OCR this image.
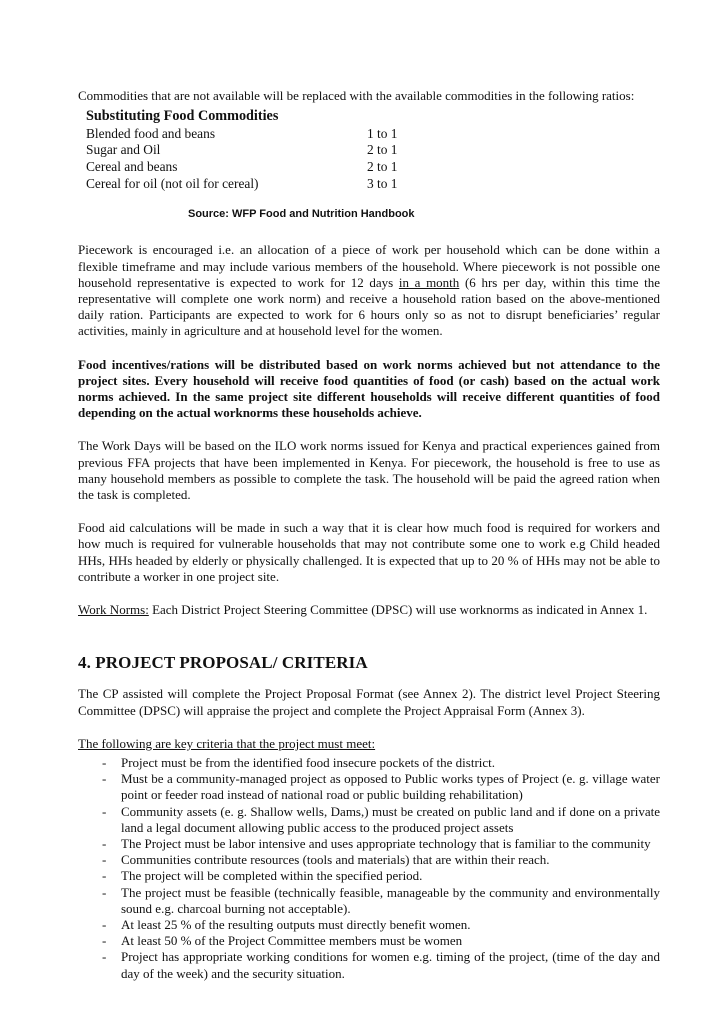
Commodities that are not available will be replaced with the available commodities in the following ratios:

Substituting Food Commodities	
Blended food and beans	1 to 1
Sugar and Oil	2 to 1
Cereal and beans	2 to 1
Cereal for oil (not oil for cereal)	3 to 1
Source: WFP Food and Nutrition Handbook

Piecework is encouraged i.e. an allocation of a piece of work per household which can be done within a flexible timeframe and may include various members of the household. Where piecework is not possible one household representative is expected to work for 12 days in a month (6 hrs per day, within this time the representative will complete one work norm) and receive a household ration based on the above-mentioned daily ration. Participants are expected to work for 6 hours only so as not to disrupt beneficiaries’ regular activities, mainly in agriculture and at household level for the women.

Food incentives/rations will be distributed based on work norms achieved but not attendance to the project sites. Every household will receive food quantities of food (or cash) based on the actual work norms achieved. In the same project site different households will receive different quantities of food depending on the actual worknorms these households achieve.

The Work Days will be based on the ILO work norms issued for Kenya and practical experiences gained from previous FFA projects that have been implemented in Kenya. For piecework, the household is free to use as many household members as possible to complete the task. The household will be paid the agreed ration when the task is completed.

Food aid calculations will be made in such a way that it is clear how much food is required for workers and how much is required for vulnerable households that may not contribute some one to work e.g Child headed HHs, HHs headed by elderly or physically challenged. It is expected that up to 20 % of HHs may not be able to contribute a worker in one project site.

Work Norms: Each District Project Steering Committee (DPSC) will use worknorms as indicated in Annex 1.

4. PROJECT PROPOSAL/ CRITERIA

The CP assisted will complete the Project Proposal Format (see Annex 2). The district level Project Steering Committee (DPSC) will appraise the project and complete the Project Appraisal Form (Annex 3).

The following are key criteria that the project must meet:

- Project must be from the identified food insecure pockets of the district.
- Must be a community-managed project as opposed to Public works types of Project (e. g. village water point or feeder road instead of national road or public building rehabilitation)
- Community assets (e. g. Shallow wells, Dams,) must be created on public land and if done on a private land a legal document allowing public access to the produced project assets
- The Project must be labor intensive and uses appropriate technology that is familiar to the community
- Communities contribute resources (tools and materials) that are within their reach.
- The project will be completed within the specified period.
- The project must be feasible (technically feasible, manageable by the community and environmentally sound e.g. charcoal burning not acceptable).
- At least 25 % of the resulting outputs must directly benefit women.
- At least 50 % of the Project Committee members must be women
- Project has appropriate working conditions for women e.g. timing of the project, (time of the day and day of the week) and the security situation.
